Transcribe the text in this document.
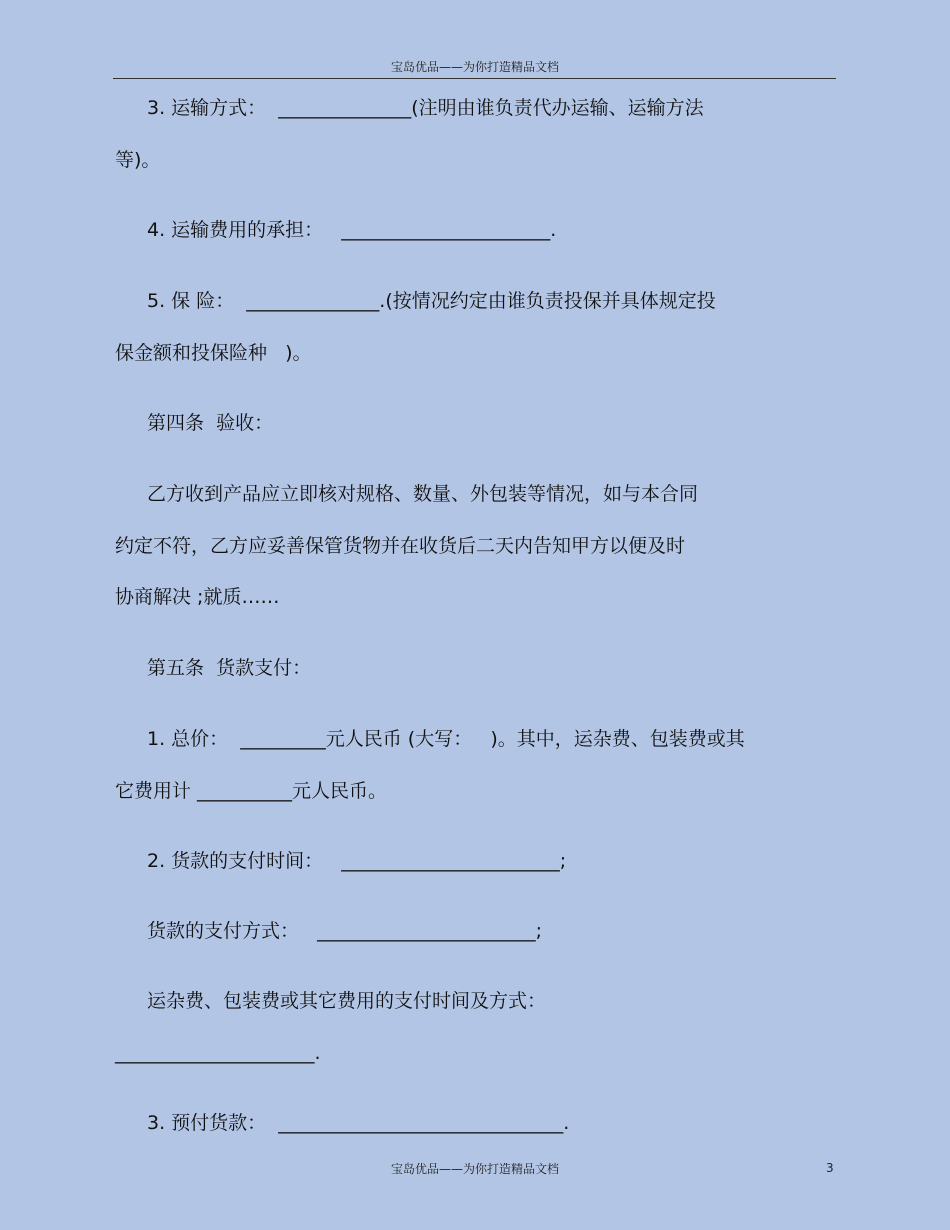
宝岛优品——为你打造精品文档
3. 运输方式：  ______________(注明由谁负责代办运输、运输方法
等)。
4. 运输费用的承担：   ______________________.
5. 保 险：  ______________.(按情况约定由谁负责投保并具体规定投
保金额和投保险种   )。
第四条  验收：
乙方收到产品应立即核对规格、数量、外包装等情况，如与本合同
约定不符，乙方应妥善保管货物并在收货后二天内告知甲方以便及时
协商解决 ;就质……
第五条  货款支付：
1. 总价：  _________元人民币 (大写：   )。其中，运杂费、包装费或其
它费用计 __________元人民币。
2. 货款的支付时间：   _______________________;
货款的支付方式：   _______________________;
运杂费、包装费或其它费用的支付时间及方式：
_____________________.
3. 预付货款：  ______________________________.
宝岛优品——为你打造精品文档	3
